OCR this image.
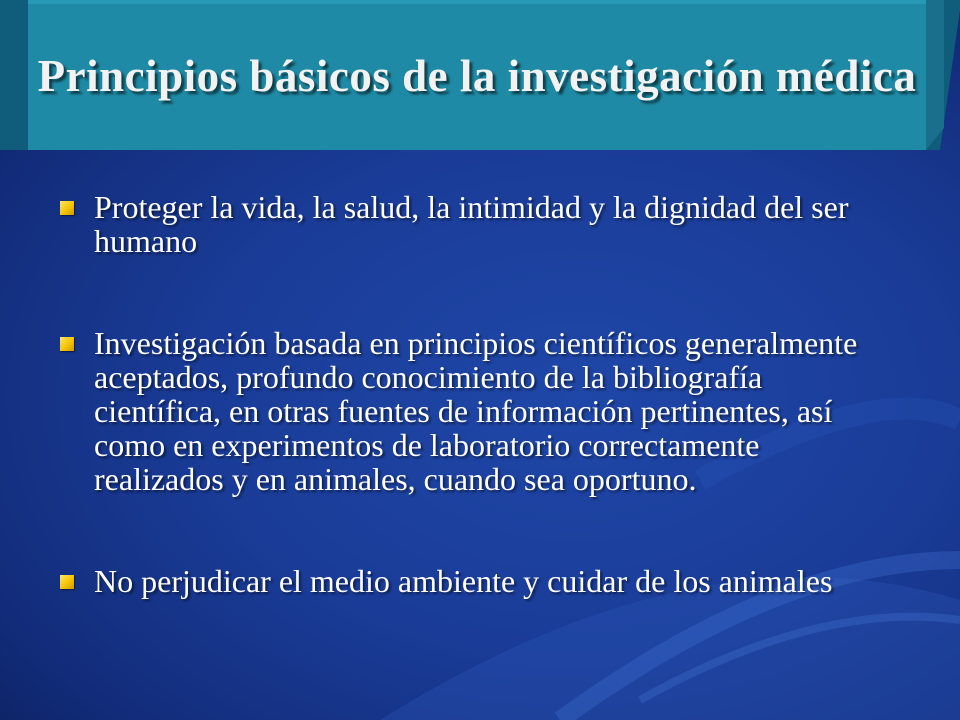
Principios básicos de la investigación médica
Proteger la vida, la salud, la intimidad y la dignidad del ser humano
Investigación basada en principios científicos generalmente aceptados, profundo conocimiento de la bibliografía científica, en otras fuentes de información pertinentes, así como en experimentos de laboratorio correctamente realizados y en animales, cuando sea oportuno.
No perjudicar el medio ambiente y cuidar de los animales
